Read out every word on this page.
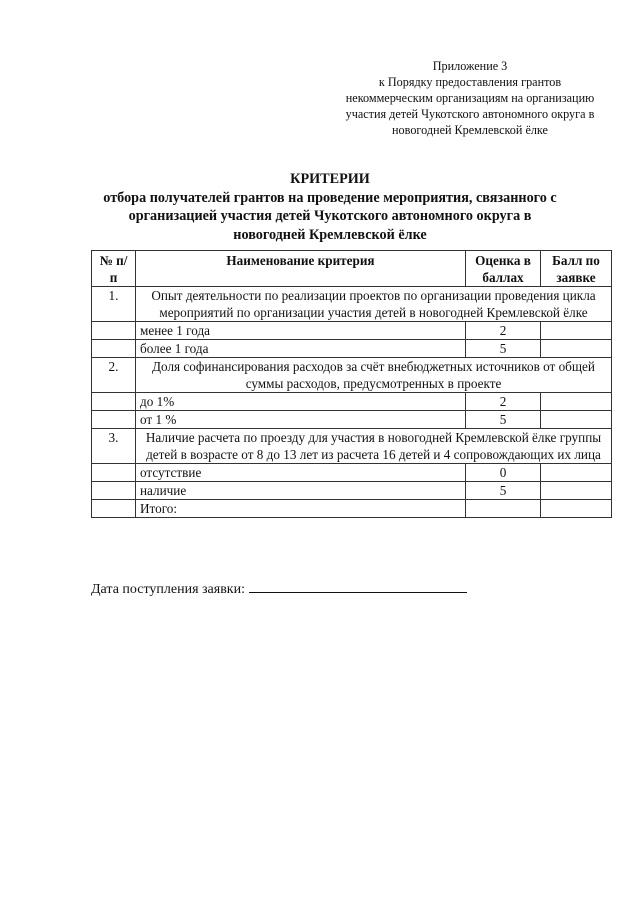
Приложение 3
к Порядку предоставления грантов
некоммерческим организациям на организацию
участия детей Чукотского автономного округа в
новогодней Кремлевской ёлке
КРИТЕРИИ
отбора получателей грантов на проведение мероприятия, связанного с
организацией участия детей Чукотского автономного округа в
новогодней Кремлевской ёлке
№ п/п	Наименование критерия	Оценка в баллах	Балл по заявке
1.	Опыт деятельности по реализации проектов по организации проведения цикла мероприятий по организации участия детей в новогодней Кремлевской ёлке		
	менее 1 года	2	
	более 1 года	5	
2.	Доля софинансирования расходов за счёт внебюджетных источников от общей суммы расходов, предусмотренных в проекте		
	до 1%	2	
	от 1 %	5	
3.	Наличие расчета по проезду для участия в новогодней Кремлевской ёлке группы детей в возрасте от 8 до 13 лет из расчета 16 детей и 4 сопровождающих их лица		
	отсутствие	0	
	наличие	5	
	Итого:		
Дата поступления заявки:
